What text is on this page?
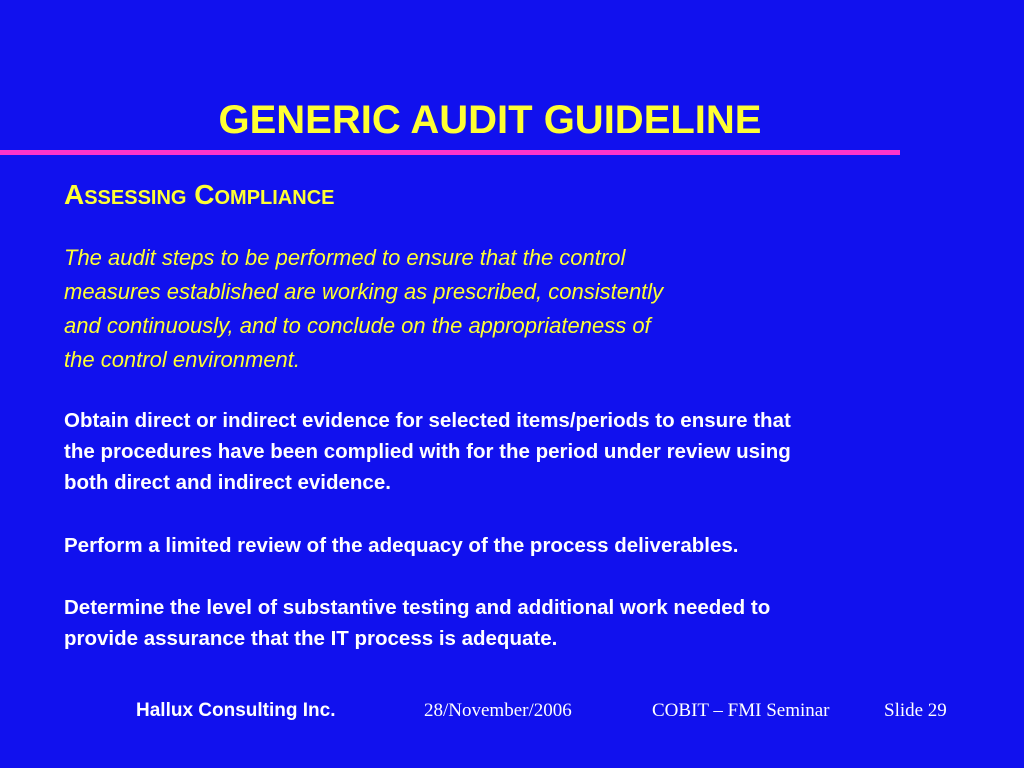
GENERIC AUDIT GUIDELINE
Assessing Compliance
The audit steps to be performed to ensure that the control
measures established are working as prescribed, consistently
and continuously, and to conclude on the appropriateness of
the control environment.
Obtain direct or indirect evidence for selected items/periods to ensure that
the procedures have been complied with for the period under review using
both direct and indirect evidence.
Perform a limited review of the adequacy of the process deliverables.
Determine the level of substantive testing and additional work needed to
provide assurance that the IT process is adequate.
Hallux Consulting Inc.	28/November/2006	COBIT – FMI Seminar	Slide 29
